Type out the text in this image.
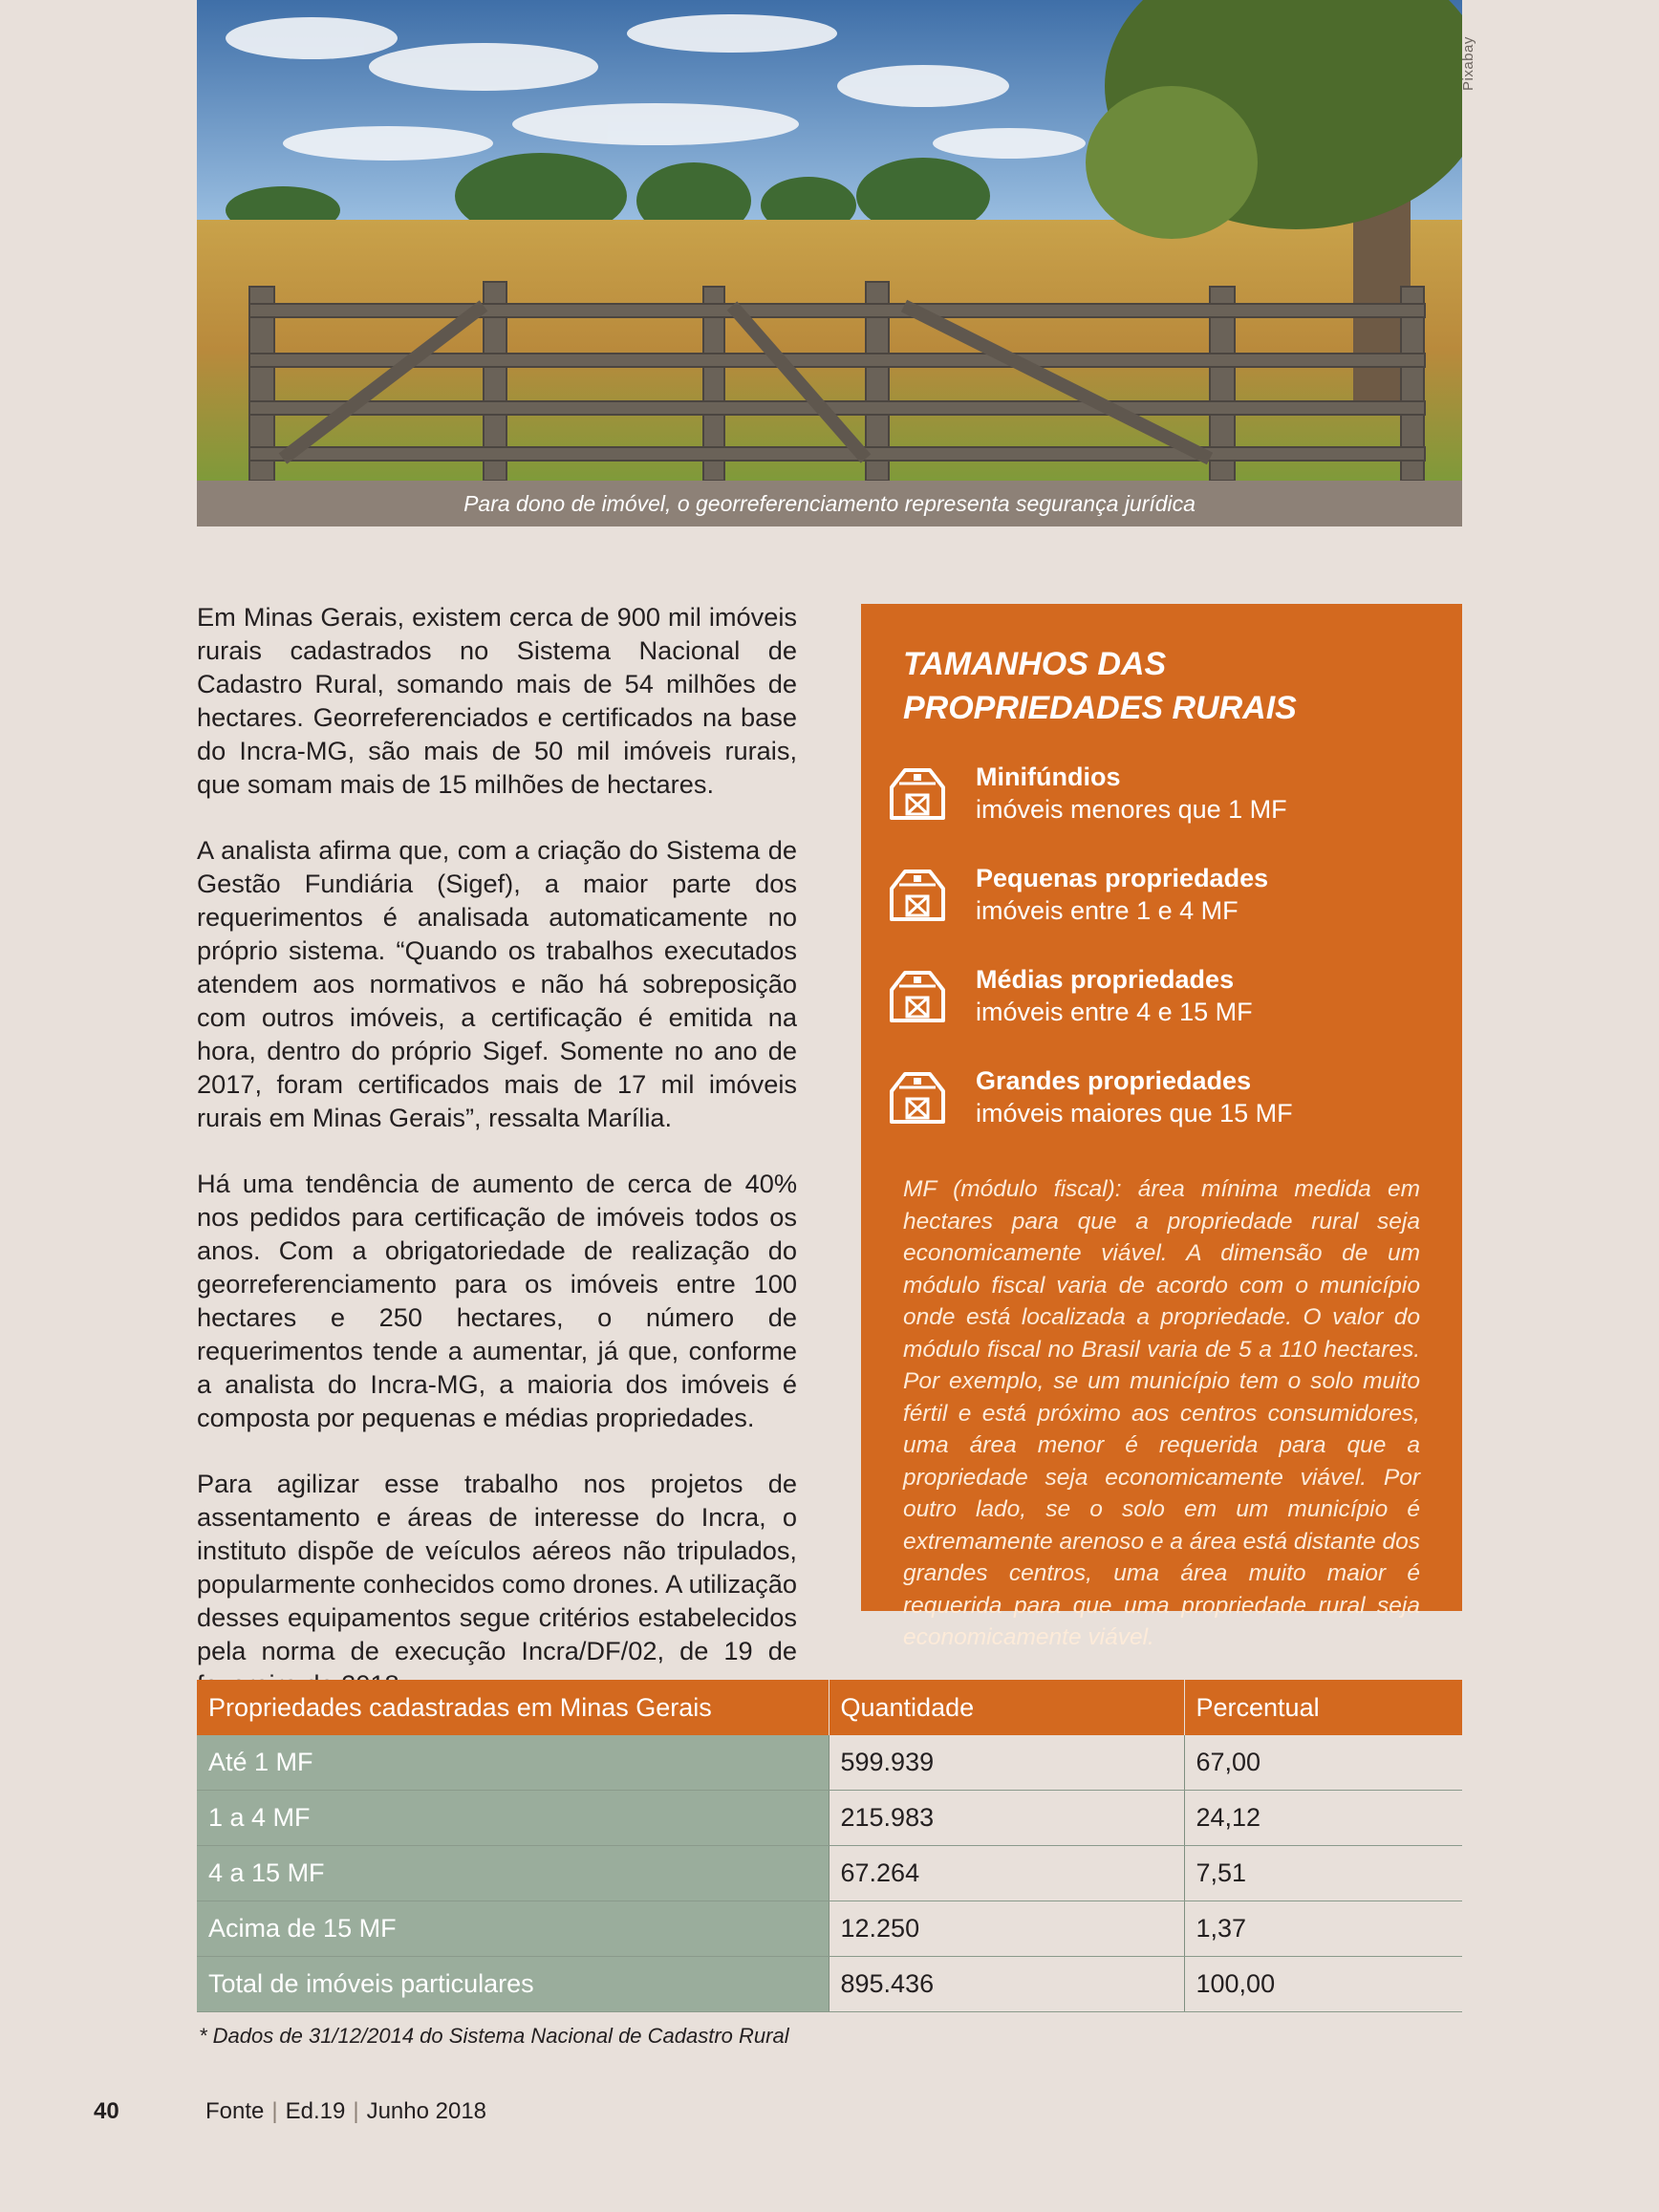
Pixabay
Para dono de imóvel, o georreferenciamento representa segurança jurídica

Em Minas Gerais, existem cerca de 900 mil imóveis rurais cadastrados no Sistema Nacional de Cadastro Rural, somando mais de 54 milhões de hectares. Georreferenciados e certificados na base do Incra-MG, são mais de 50 mil imóveis rurais, que somam mais de 15 milhões de hectares.

A analista afirma que, com a criação do Sistema de Gestão Fundiária (Sigef), a maior parte dos requerimentos é analisada automaticamente no próprio sistema. “Quando os trabalhos executados atendem aos normativos e não há sobreposição com outros imóveis, a certificação é emitida na hora, dentro do próprio Sigef. Somente no ano de 2017, foram certificados mais de 17 mil imóveis rurais em Minas Gerais”, ressalta Marília.

Há uma tendência de aumento de cerca de 40% nos pedidos para certificação de imóveis todos os anos. Com a obrigatoriedade de realização do georreferenciamento para os imóveis entre 100 hectares e 250 hectares, o número de requerimentos tende a aumentar, já que, conforme a analista do Incra-MG, a maioria dos imóveis é composta por pequenas e médias propriedades.

Para agilizar esse trabalho nos projetos de assentamento e áreas de interesse do Incra, o instituto dispõe de veículos aéreos não tripulados, popularmente conhecidos como drones. A utilização desses equipamentos segue critérios estabelecidos pela norma de execução Incra/DF/02, de 19 de

TAMANHOS DAS
PROPRIEDADES RURAIS
Minifúndios
imóveis menores que 1 MF
Pequenas propriedades
imóveis entre 1 e 4 MF
Médias propriedades
imóveis entre 4 e 15 MF
Grandes propriedades
imóveis maiores que 15 MF
MF (módulo fiscal): área mínima medida em hectares para que a propriedade rural seja economicamente viável. A dimensão de um módulo fiscal varia de acordo com o município onde está localizada a propriedade. O valor do módulo fiscal no Brasil varia de 5 a 110 hectares. Por exemplo, se um município tem o solo muito fértil e está próximo aos centros consumidores, uma área menor é requerida para que a propriedade seja economicamente viável. Por outro lado, se o solo em um município é extremamente arenoso e a área está distante dos grandes centros, uma área muito maior é requerida para que uma propriedade rural seja economicamente viável.
Propriedades cadastradas em Minas Gerais	Quantidade	Percentual
Até 1 MF	599.939	67,00
1 a 4 MF	215.983	24,12
4 a 15 MF	67.264	7,51
Acima de 15 MF	12.250	1,37
Total de imóveis particulares	895.436	100,00
* Dados de 31/12/2014 do Sistema Nacional de Cadastro Rural
40	Fonte | Ed.19 | Junho 2018
